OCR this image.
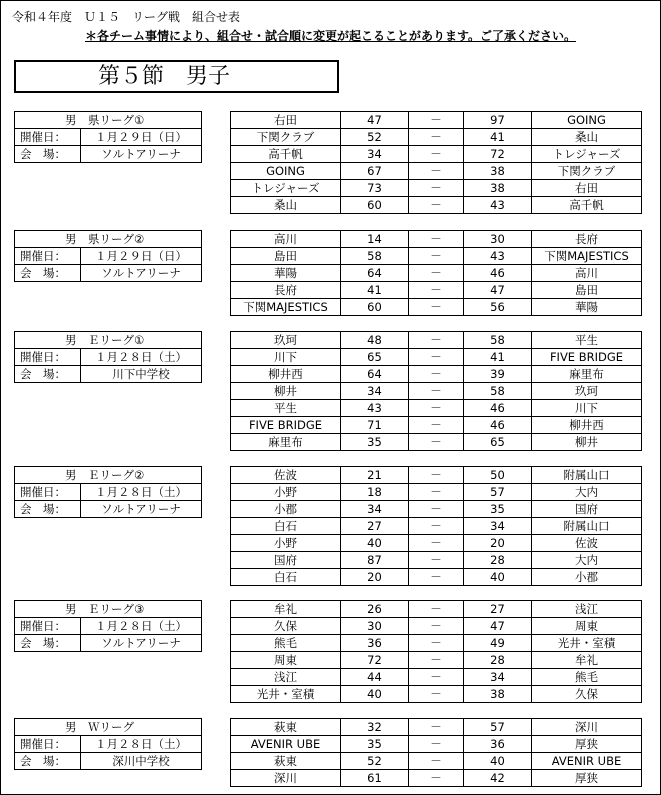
令和４年度　Ｕ１５　リーグ戦　組合せ表
＊各チーム事情により、組合せ・試合順に変更が起こることがあります。ご了承ください。
第５節　男子
男　県リーグ①	
開催日：	１月２９日（日）
会　場：	ソルトアリーナ
右田	47	－	97	GOING
下関クラブ	52	－	41	桑山
高千帆	34	－	72	トレジャーズ
GOING	67	－	38	下関クラブ
トレジャーズ	73	－	38	右田
桑山	60	－	43	高千帆
男　県リーグ②	
開催日：	１月２９日（日）
会　場：	ソルトアリーナ
高川	14	－	30	長府
島田	58	－	43	下関MAJESTICS
華陽	64	－	46	高川
長府	41	－	47	島田
下関MAJESTICS	60	－	56	華陽
男　Ｅリーグ①	
開催日：	１月２８日（土）
会　場：	川下中学校
玖珂	48	－	58	平生
川下	65	－	41	FIVE BRIDGE
柳井西	64	－	39	麻里布
柳井	34	－	58	玖珂
平生	43	－	46	川下
FIVE BRIDGE	71	－	46	柳井西
麻里布	35	－	65	柳井
男　Ｅリーグ②	
開催日：	１月２８日（土）
会　場：	ソルトアリーナ
佐波	21	－	50	附属山口
小野	18	－	57	大内
小郡	34	－	35	国府
白石	27	－	34	附属山口
小野	40	－	20	佐波
国府	87	－	28	大内
白石	20	－	40	小郡
男　Ｅリーグ③	
開催日：	１月２８日（土）
会　場：	ソルトアリーナ
牟礼	26	－	27	浅江
久保	30	－	47	周東
熊毛	36	－	49	光井・室積
周東	72	－	28	牟礼
浅江	44	－	34	熊毛
光井・室積	40	－	38	久保
男　Ｗリーグ	
開催日：	１月２８日（土）
会　場：	深川中学校
萩東	32	－	57	深川
AVENIR UBE	35	－	36	厚狭
萩東	52	－	40	AVENIR UBE
深川	61	－	42	厚狭
